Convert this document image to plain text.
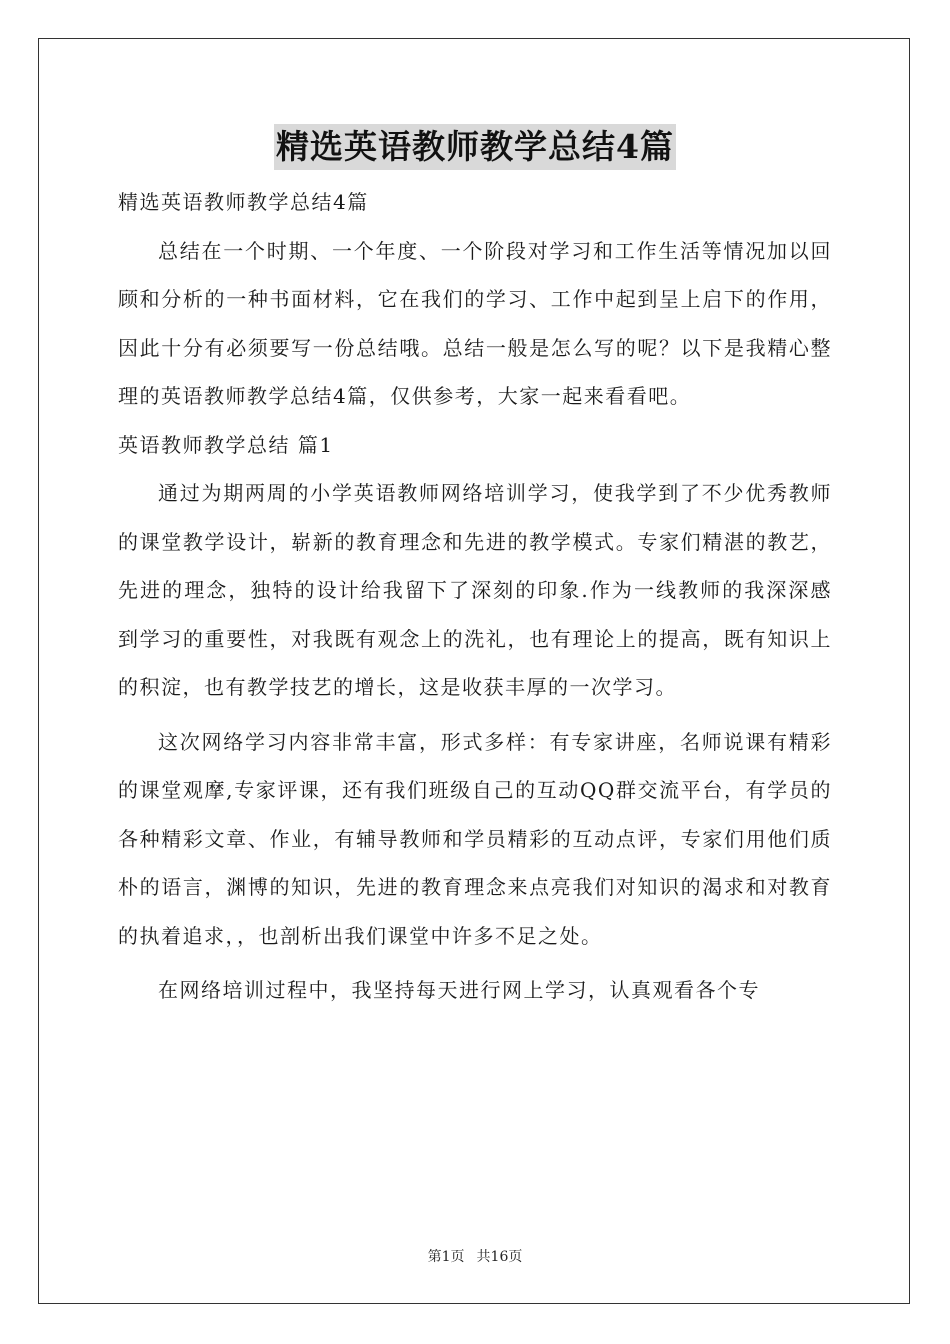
精选英语教师教学总结4篇

精选英语教师教学总结4篇

总结在一个时期、一个年度、一个阶段对学习和工作生活等情况加以回顾和分析的一种书面材料，它在我们的学习、工作中起到呈上启下的作用，因此十分有必须要写一份总结哦。总结一般是怎么写的呢？以下是我精心整理的英语教师教学总结4篇，仅供参考，大家一起来看看吧。

英语教师教学总结 篇1

通过为期两周的小学英语教师网络培训学习，使我学到了不少优秀教师的课堂教学设计，崭新的教育理念和先进的教学模式。专家们精湛的教艺，先进的理念，独特的设计给我留下了深刻的印象.作为一线教师的我深深感到学习的重要性，对我既有观念上的洗礼，也有理论上的提高，既有知识上的积淀，也有教学技艺的增长，这是收获丰厚的一次学习。

这次网络学习内容非常丰富，形式多样：有专家讲座，名师说课有精彩的课堂观摩,专家评课，还有我们班级自己的互动QQ群交流平台，有学员的各种精彩文章、作业，有辅导教师和学员精彩的互动点评，专家们用他们质朴的语言，渊博的知识，先进的教育理念来点亮我们对知识的渴求和对教育的执着追求，，也剖析出我们课堂中许多不足之处。

在网络培训过程中，我坚持每天进行网上学习，认真观看各个专

第1页 共16页
